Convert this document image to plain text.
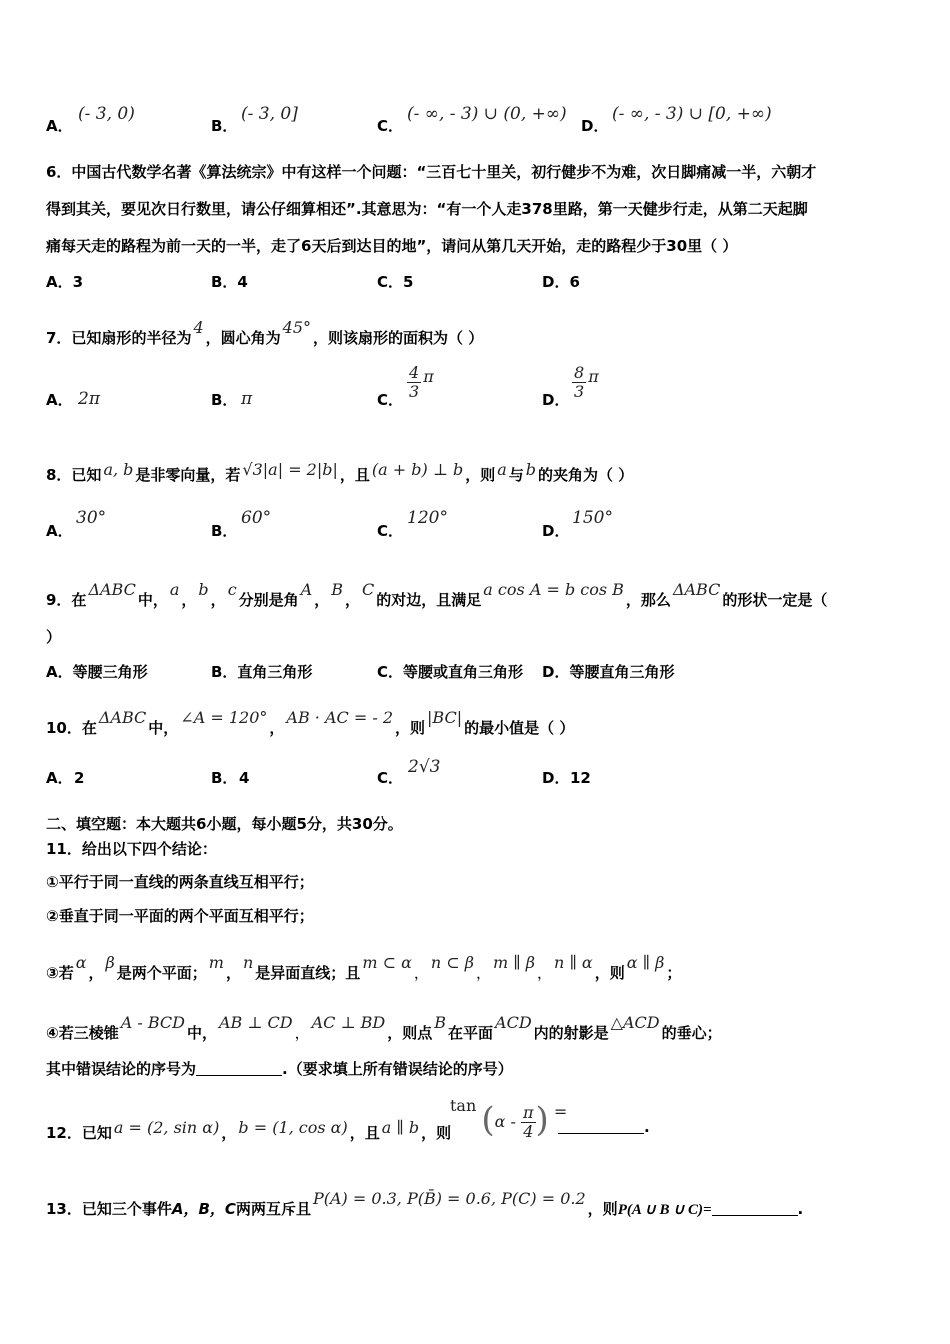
A．
(- 3, 0)
B．
(- 3, 0]
C．
(- ∞, - 3) ∪ (0, +∞)
D．
(- ∞, - 3) ∪ [0, +∞)
6．中国古代数学名著《算法统宗》中有这样一个问题：“三百七十里关，初行健步不为难，次日脚痛减一半，六朝才
得到其关，要见次日行数里，请公仔细算相还”.其意思为：“有一个人走378里路，第一天健步行走，从第二天起脚
痛每天走的路程为前一天的一半，走了6天后到达目的地”，请问从第几天开始，走的路程少于30里（ ）
A．3	B．4	C．5	D．6
7．已知扇形的半径为4，圆心角为45°，则该扇形的面积为（ ）
A． 2π	B． π	C． $\frac{4}{3}$ π
D． $\frac{8}{3}$ π
8．已知 a, b 是非零向量，若 √3|a| = 2|b| ，且 (a + b) ⊥ b ，则 a 与 b 的夹角为（ ）
A．
30°
B．
60°
C．
120°
D．
150°
9．在ΔABC中，a，b，c分别是角A，B，C的对边，且满足a cos A = b cos B，那么ΔABC的形状一定是（
）
A．等腰三角形	B．直角三角形	C．等腰或直角三角形 D．等腰直角三角形
10．在ΔABC中，∠A = 120°，AB · AC = - 2，则|BC|的最小值是（ ）
A． 2	B． 4	C．
2√3
D． 12
二、填空题：本大题共6小题，每小题5分，共30分。
11．给出以下四个结论：
①平行于同一直线的两条直线互相平行；
②垂直于同一平面的两个平面互相平行；
③若α，β是两个平面；m，n是异面直线；且m ⊂ α，n ⊂ β，m ∥ β，n ∥ α，则α ∥ β；
④若三棱锥A - BCD中，AB ⊥ CD，AC ⊥ BD，则点B在平面ACD内的射影是△ACD的垂心；
其中错误结论的序号为	.（要求填上所有错误结论的序号）
12．已知 a = (2, sin α) ， b = (1, cos α) ，且 a ∥ b ，则
$\tan (\alpha - \frac{\pi}{4}$ ) =
.
13．已知三个事件A，B，C两两互斥且P(A) = 0.3, P(B̄) = 0.6, P(C) = 0.2，则P(A ∪ B ∪ C)=	.
